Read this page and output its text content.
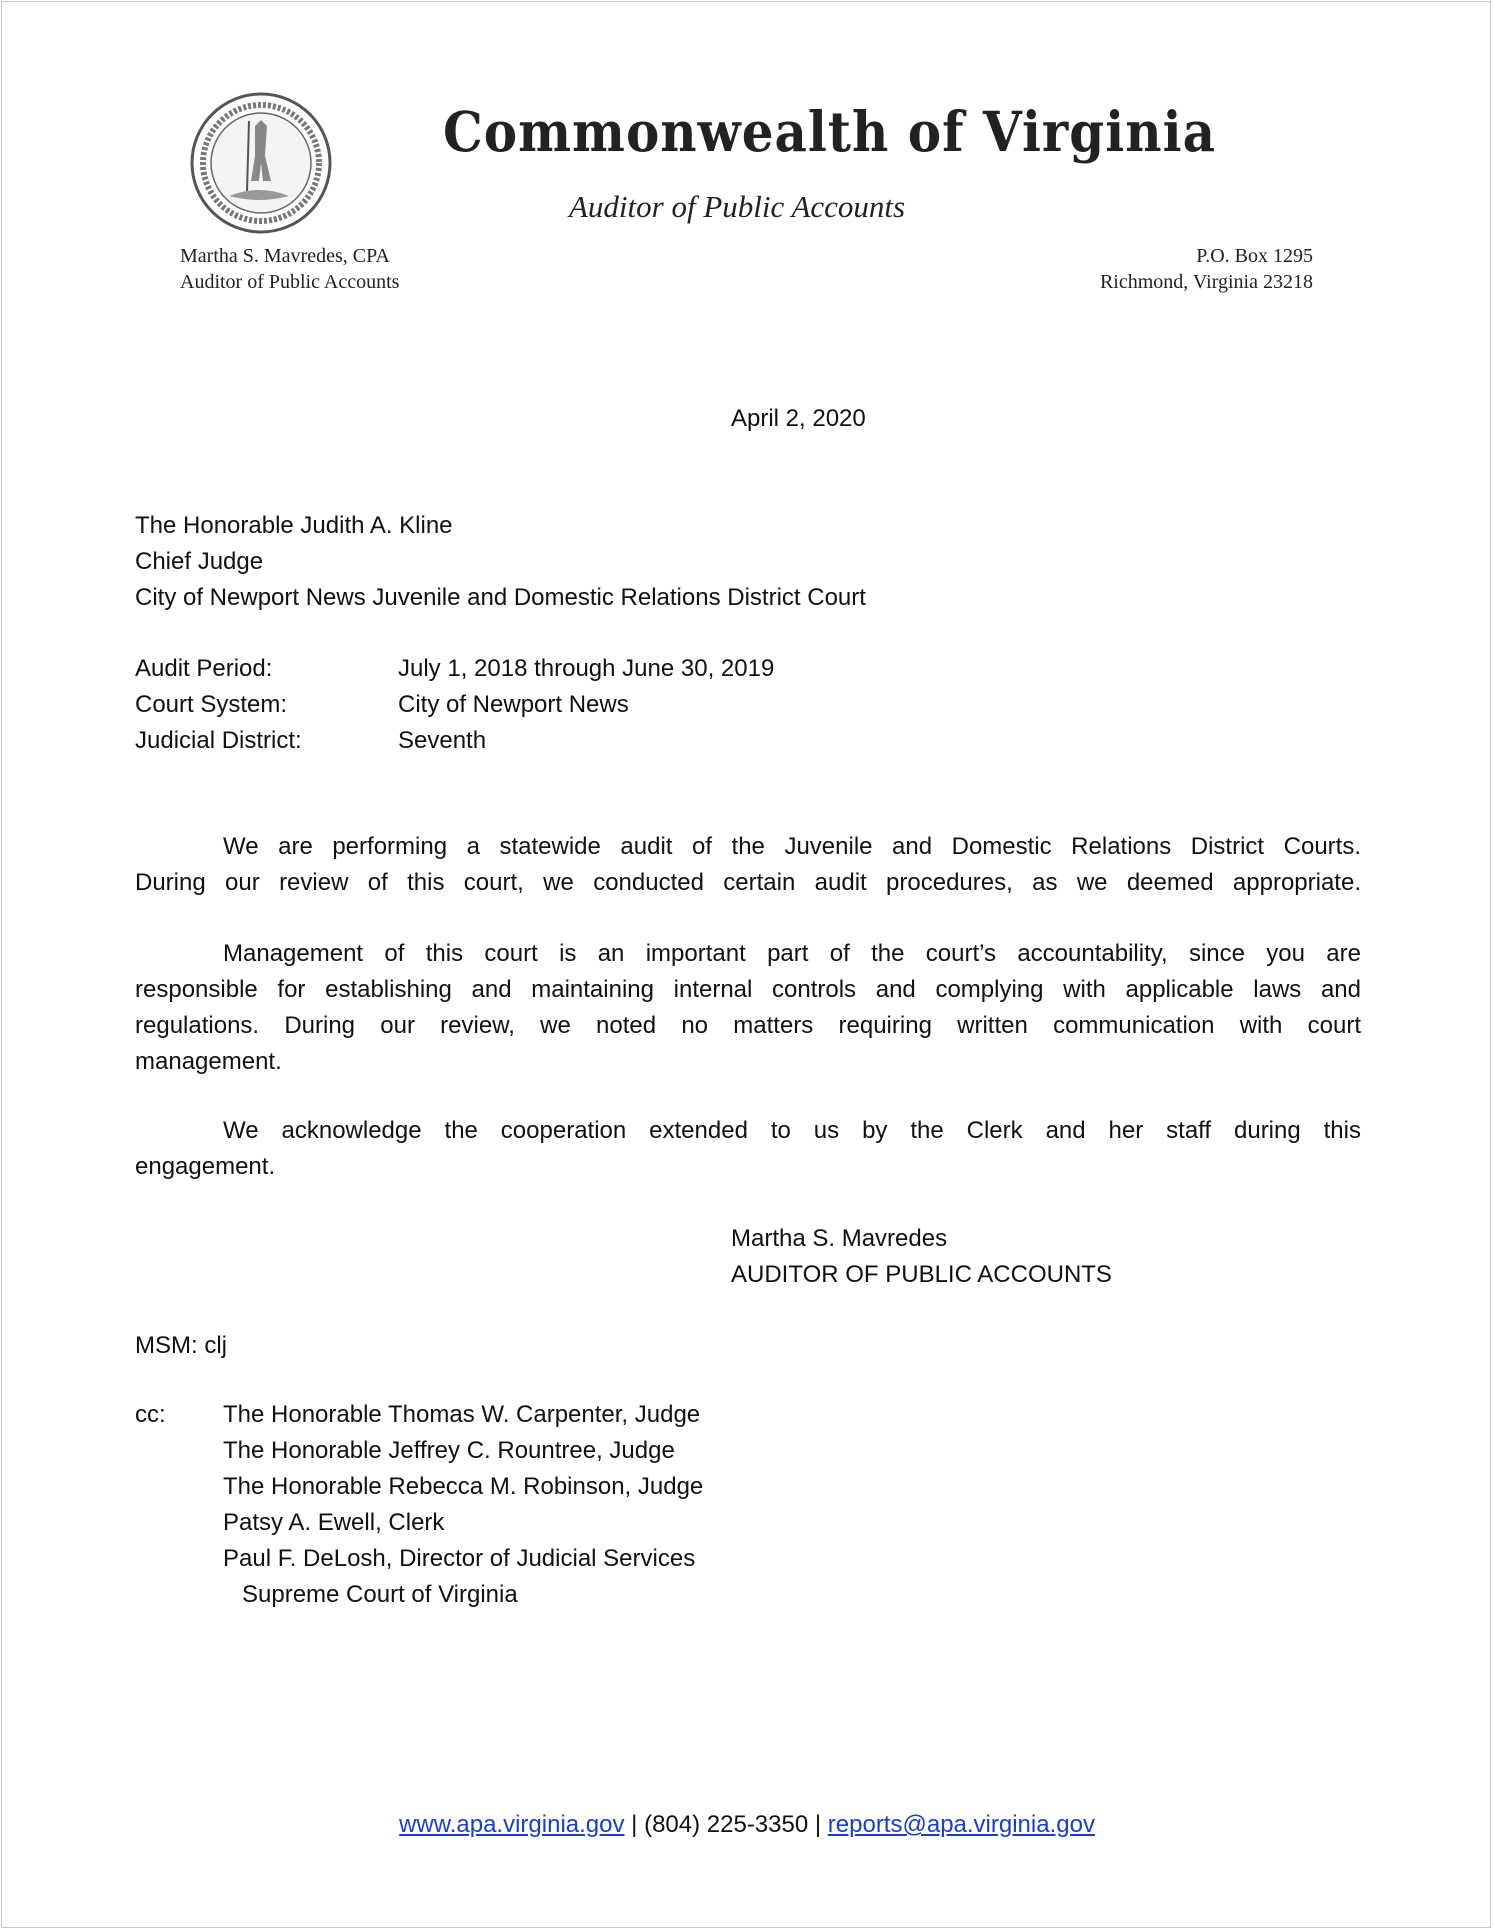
Commonwealth of Virginia
Auditor of Public Accounts
Martha S. Mavredes, CPA
Auditor of Public Accounts
P.O. Box 1295
Richmond, Virginia 23218
April 2, 2020
The Honorable Judith A. Kline
Chief Judge
City of Newport News Juvenile and Domestic Relations District Court
Audit Period:	July 1, 2018 through June 30, 2019
Court System:	City of Newport News
Judicial District:	Seventh
We are performing a statewide audit of the Juvenile and Domestic Relations District Courts.
During our review of this court, we conducted certain audit procedures, as we deemed appropriate.
Management of this court is an important part of the court’s accountability, since you are
responsible for establishing and maintaining internal controls and complying with applicable laws and
regulations. During our review, we noted no matters requiring written communication with court
management.
We acknowledge the cooperation extended to us by the Clerk and her staff during this
engagement.
Martha S. Mavredes
AUDITOR OF PUBLIC ACCOUNTS
MSM: clj
cc: The Honorable Thomas W. Carpenter, Judge
The Honorable Jeffrey C. Rountree, Judge
The Honorable Rebecca M. Robinson, Judge
Patsy A. Ewell, Clerk
Paul F. DeLosh, Director of Judicial Services
Supreme Court of Virginia
www.apa.virginia.gov | (804) 225-3350 | reports@apa.virginia.gov
